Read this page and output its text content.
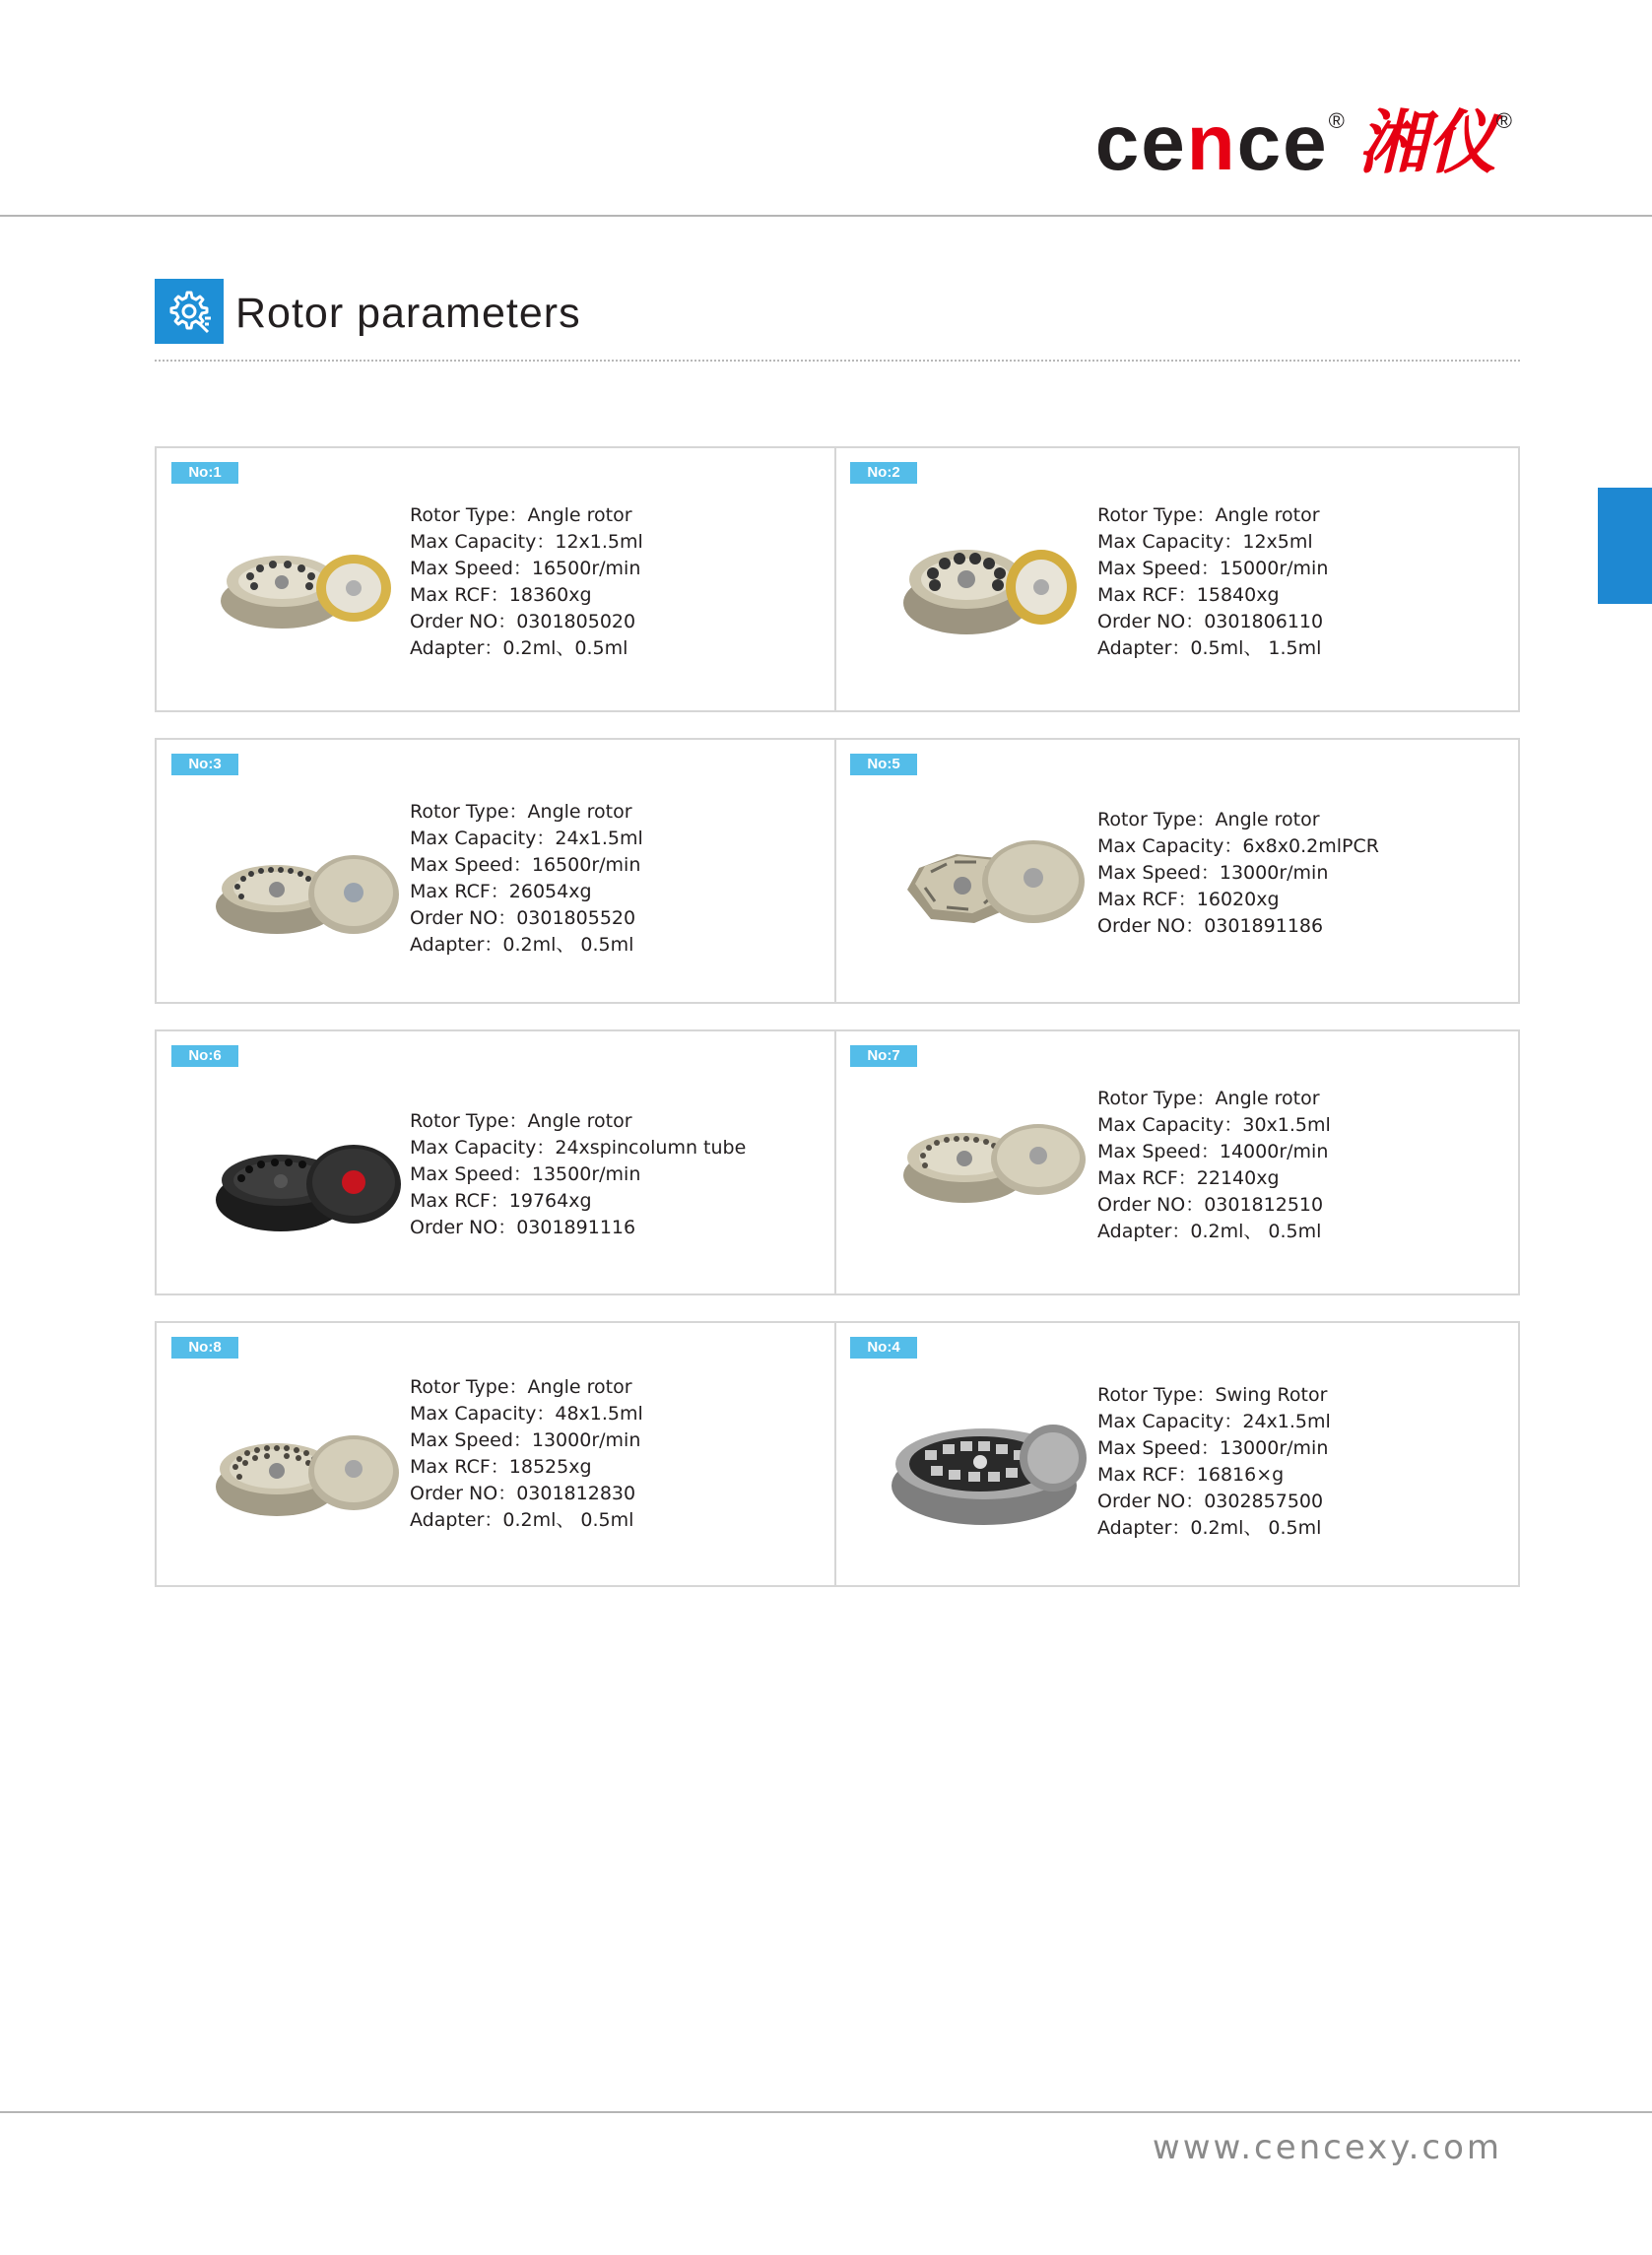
cence ® 湘仪 ®
Rotor parameters
No:1
Rotor Type：Angle rotor
Max Capacity：12x1.5ml
Max Speed：16500r/min
Max RCF：18360xg
Order NO：0301805020
Adapter：0.2ml、0.5ml
No:2
Rotor Type：Angle rotor
Max Capacity：12x5ml
Max Speed：15000r/min
Max RCF：15840xg
Order NO：0301806110
Adapter：0.5ml、 1.5ml
No:3
Rotor Type：Angle rotor
Max Capacity：24x1.5ml
Max Speed：16500r/min
Max RCF：26054xg
Order NO：0301805520
Adapter：0.2ml、 0.5ml
No:5
Rotor Type：Angle rotor
Max Capacity：6x8x0.2mlPCR
Max Speed：13000r/min
Max RCF：16020xg
Order NO：0301891186
No:6
Rotor Type：Angle rotor
Max Capacity：24xspincolumn tube
Max Speed：13500r/min
Max RCF：19764xg
Order NO：0301891116
No:7
Rotor Type：Angle rotor
Max Capacity：30x1.5ml
Max Speed：14000r/min
Max RCF：22140xg
Order NO：0301812510
Adapter：0.2ml、 0.5ml
No:8
Rotor Type：Angle rotor
Max Capacity：48x1.5ml
Max Speed：13000r/min
Max RCF：18525xg
Order NO：0301812830
Adapter：0.2ml、 0.5ml
No:4
Rotor Type：Swing Rotor
Max Capacity：24x1.5ml
Max Speed：13000r/min
Max RCF：16816×g
Order NO：0302857500
Adapter：0.2ml、 0.5ml
www.cencexy.com
